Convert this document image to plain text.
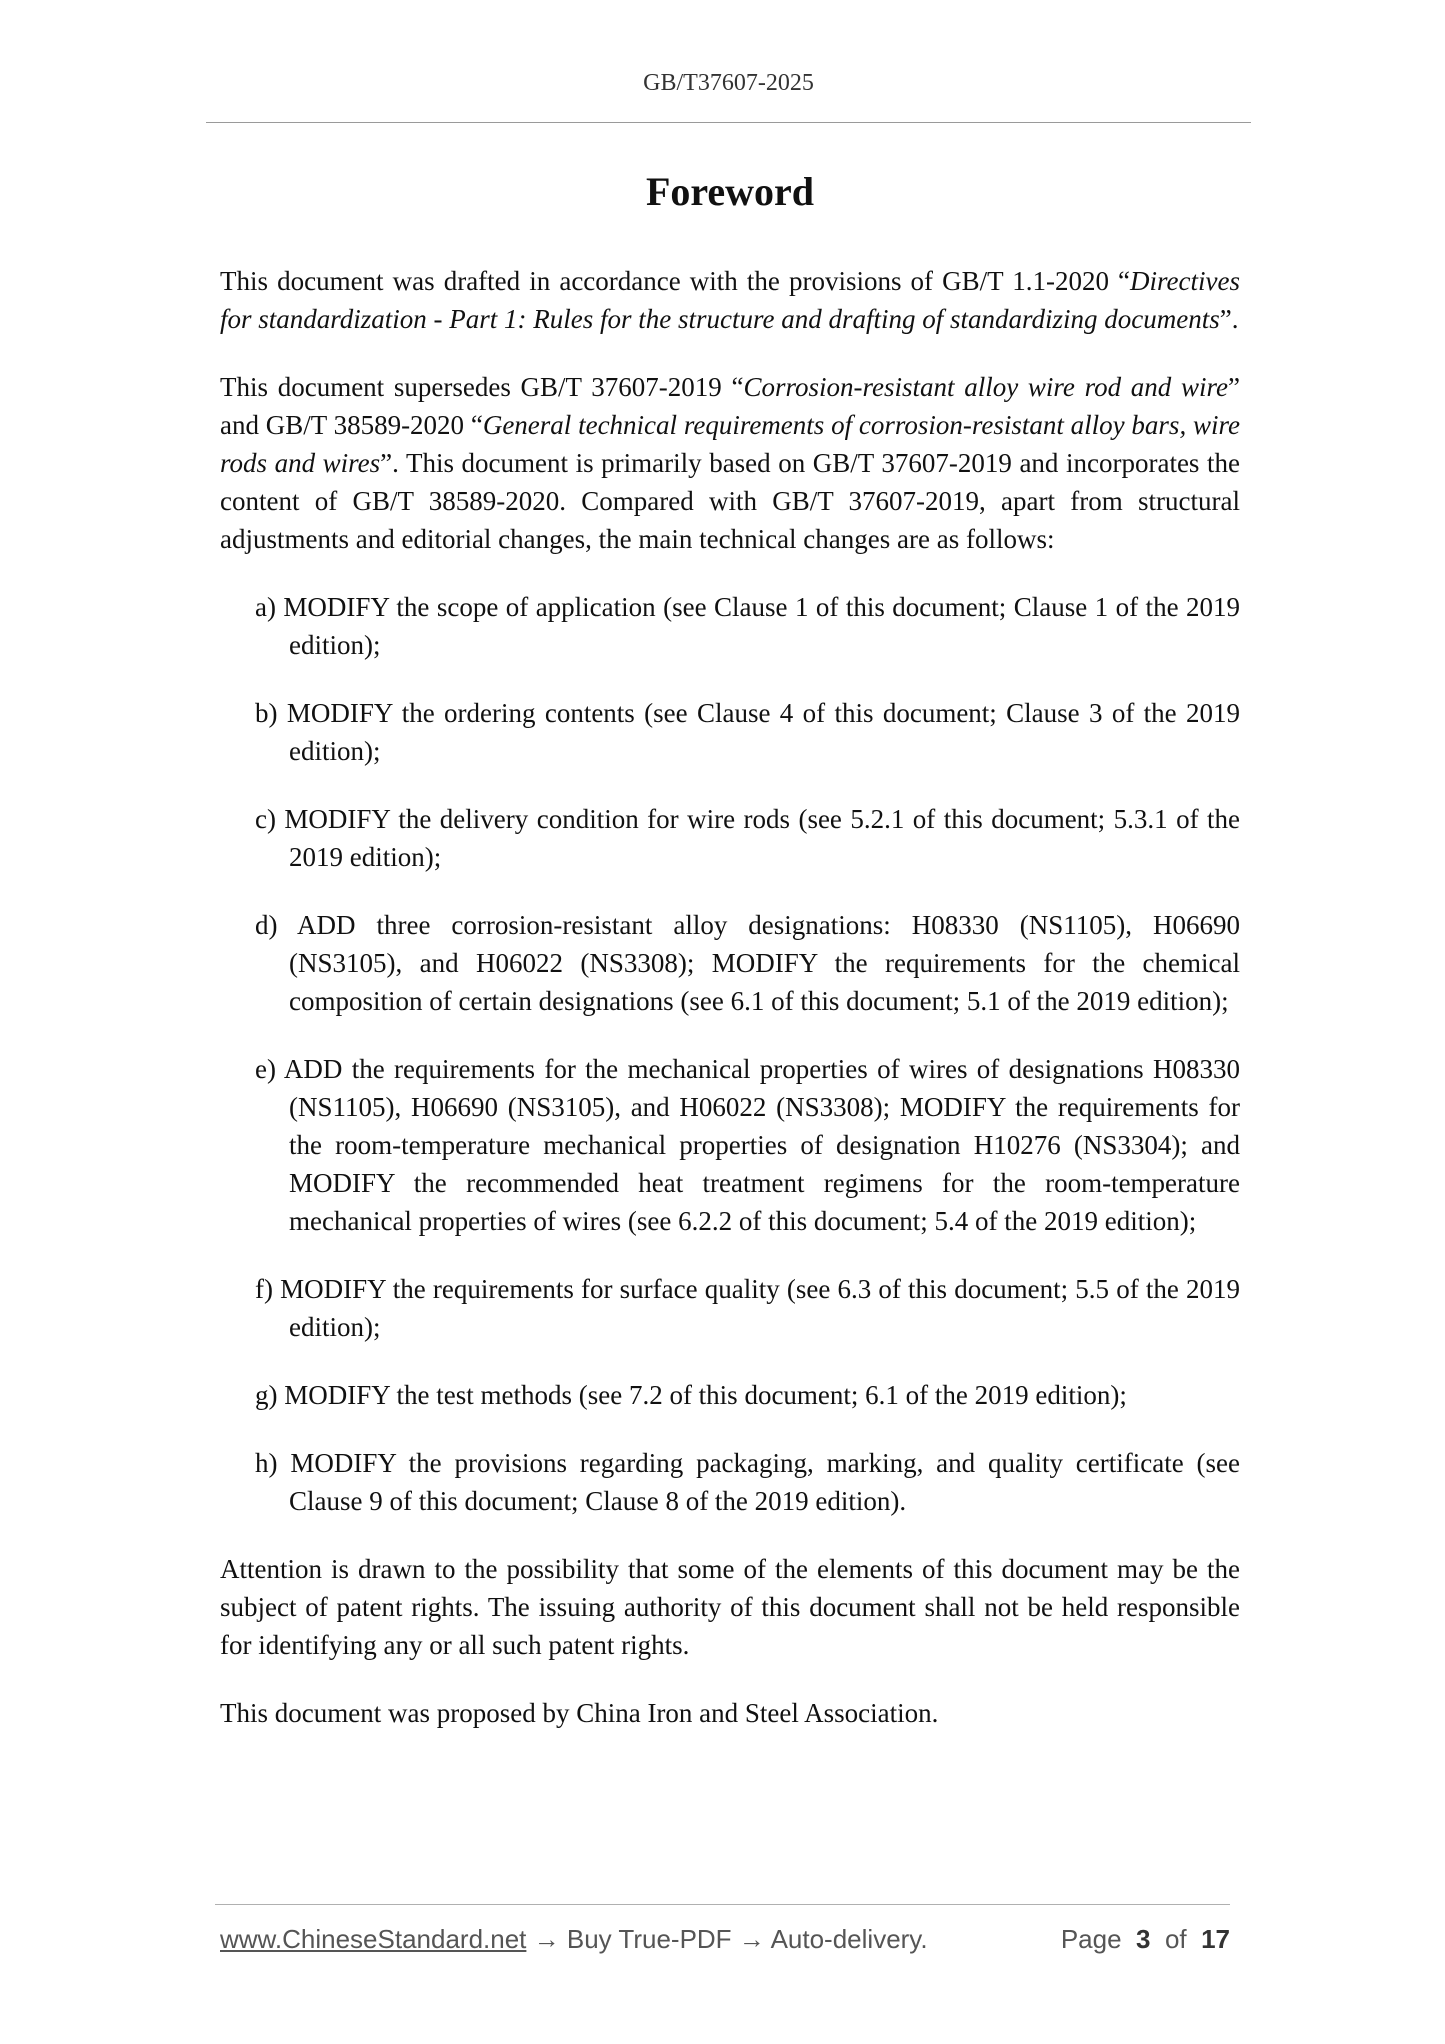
GB/T37607-2025
Foreword

This document was drafted in accordance with the provisions of GB/T 1.1-2020 “Directives for standardization - Part 1: Rules for the structure and drafting of standardizing documents”.

This document supersedes GB/T 37607-2019 “Corrosion-resistant alloy wire rod and wire” and GB/T 38589-2020 “General technical requirements of corrosion-resistant alloy bars, wire rods and wires”. This document is primarily based on GB/T 37607-2019 and incorporates the content of GB/T 38589-2020. Compared with GB/T 37607-2019, apart from structural adjustments and editorial changes, the main technical changes are as follows:

a) MODIFY the scope of application (see Clause 1 of this document; Clause 1 of the 2019 edition);
b) MODIFY the ordering contents (see Clause 4 of this document; Clause 3 of the 2019 edition);
c) MODIFY the delivery condition for wire rods (see 5.2.1 of this document; 5.3.1 of the 2019 edition);
d) ADD three corrosion-resistant alloy designations: H08330 (NS1105), H06690 (NS3105), and H06022 (NS3308); MODIFY the requirements for the chemical composition of certain designations (see 6.1 of this document; 5.1 of the 2019 edition);
e) ADD the requirements for the mechanical properties of wires of designations H08330 (NS1105), H06690 (NS3105), and H06022 (NS3308); MODIFY the requirements for the room-temperature mechanical properties of designation H10276 (NS3304); and MODIFY the recommended heat treatment regimens for the room-temperature mechanical properties of wires (see 6.2.2 of this document; 5.4 of the 2019 edition);
f) MODIFY the requirements for surface quality (see 6.3 of this document; 5.5 of the 2019 edition);
g) MODIFY the test methods (see 7.2 of this document; 6.1 of the 2019 edition);
h) MODIFY the provisions regarding packaging, marking, and quality certificate (see Clause 9 of this document; Clause 8 of the 2019 edition).

Attention is drawn to the possibility that some of the elements of this document may be the subject of patent rights. The issuing authority of this document shall not be held responsible for identifying any or all such patent rights.

This document was proposed by China Iron and Steel Association.

www.ChineseStandard.net → Buy True-PDF → Auto-delivery.	Page 3 of 17
